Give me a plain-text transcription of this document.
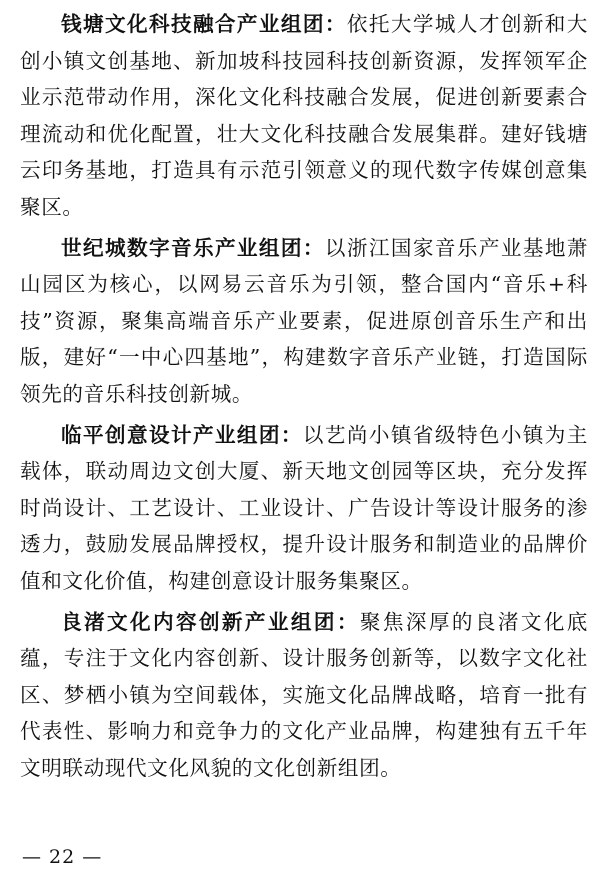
钱塘文化科技融合产业组团：依托大学城人才创新和大创小镇文创基地、新加坡科技园科技创新资源，发挥领军企业示范带动作用，深化文化科技融合发展，促进创新要素合理流动和优化配置，壮大文化科技融合发展集群。建好钱塘云印务基地，打造具有示范引领意义的现代数字传媒创意集聚区。

世纪城数字音乐产业组团：以浙江国家音乐产业基地萧山园区为核心，以网易云音乐为引领，整合国内“音乐+科技”资源，聚集高端音乐产业要素，促进原创音乐生产和出版，建好“一中心四基地”，构建数字音乐产业链，打造国际领先的音乐科技创新城。

临平创意设计产业组团：以艺尚小镇省级特色小镇为主载体，联动周边文创大厦、新天地文创园等区块，充分发挥时尚设计、工艺设计、工业设计、广告设计等设计服务的渗透力，鼓励发展品牌授权，提升设计服务和制造业的品牌价值和文化价值，构建创意设计服务集聚区。

良渚文化内容创新产业组团：聚焦深厚的良渚文化底蕴，专注于文化内容创新、设计服务创新等，以数字文化社区、梦栖小镇为空间载体，实施文化品牌战略，培育一批有代表性、影响力和竞争力的文化产业品牌，构建独有五千年文明联动现代文化风貌的文化创新组团。

— 22 —
